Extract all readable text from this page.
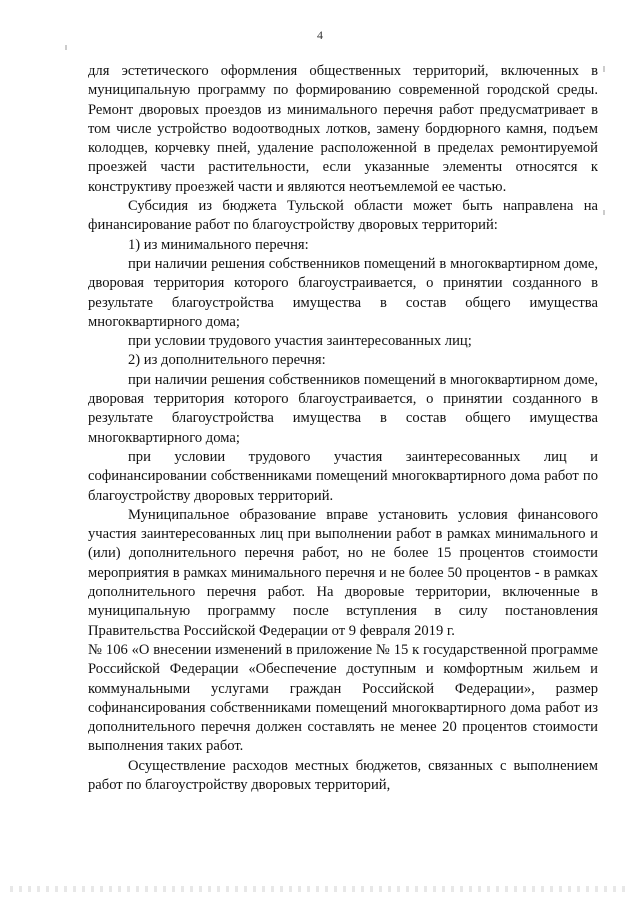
4

для эстетического оформления общественных территорий, включенных в муниципальную программу по формированию современной городской среды. Ремонт дворовых проездов из минимального перечня работ предусматривает в том числе устройство водоотводных лотков, замену бордюрного камня, подъем колодцев, корчевку пней, удаление расположенной в пределах ремонтируемой проезжей части растительности, если указанные элементы относятся к конструктиву проезжей части и являются неотъемлемой ее частью.

Субсидия из бюджета Тульской области может быть направлена на финансирование работ по благоустройству дворовых территорий:

1) из минимального перечня:

при наличии решения собственников помещений в многоквартирном доме, дворовая территория которого благоустраивается, о принятии созданного в результате благоустройства имущества в состав общего имущества многоквартирного дома;

при условии трудового участия заинтересованных лиц;

2) из дополнительного перечня:

при наличии решения собственников помещений в многоквартирном доме, дворовая территория которого благоустраивается, о принятии созданного в результате благоустройства имущества в состав общего имущества многоквартирного дома;

при условии трудового участия заинтересованных лиц и софинансировании собственниками помещений многоквартирного дома работ по благоустройству дворовых территорий.

Муниципальное образование вправе установить условия финансового участия заинтересованных лиц при выполнении работ в рамках минимального и (или) дополнительного перечня работ, но не более 15 процентов стоимости мероприятия в рамках минимального перечня и не более 50 процентов - в рамках дополнительного перечня работ. На дворовые территории, включенные в муниципальную программу после вступления в силу постановления Правительства Российской Федерации от 9 февраля 2019 г.

№ 106 «О внесении изменений в приложение № 15 к государственной программе Российской Федерации «Обеспечение доступным и комфортным жильем и коммунальными услугами граждан Российской Федерации», размер софинансирования собственниками помещений многоквартирного дома работ из дополнительного перечня должен составлять не менее 20 процентов стоимости выполнения таких работ.

Осуществление расходов местных бюджетов, связанных с выполнением работ по благоустройству дворовых территорий,
